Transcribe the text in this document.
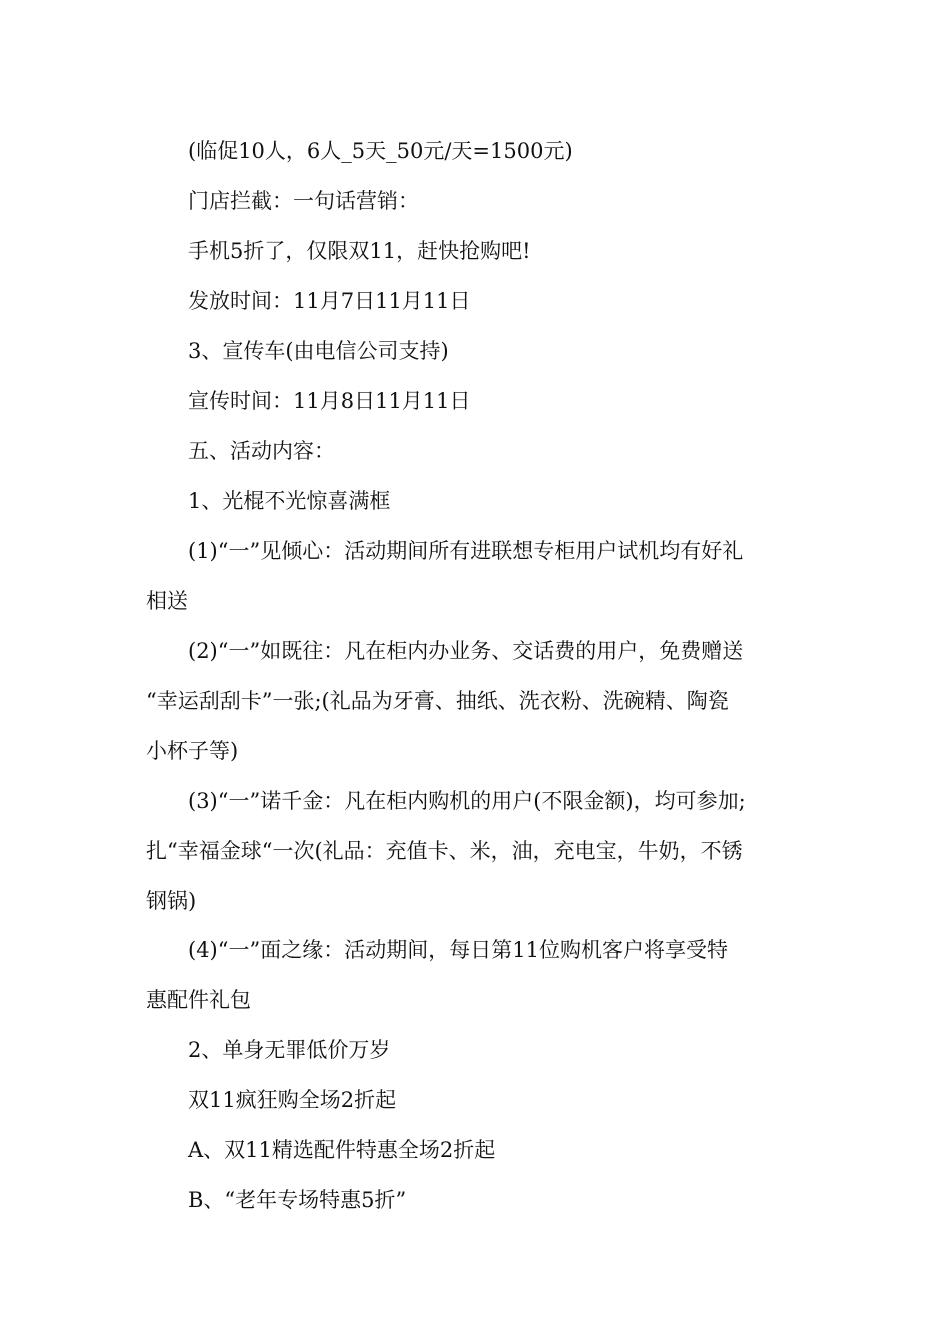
(临促10人，6人_5天_50元/天=1500元)
门店拦截：一句话营销：
手机5折了，仅限双11，赶快抢购吧!
发放时间：11月7日11月11日
3、宣传车(由电信公司支持)
宣传时间：11月8日11月11日
五、活动内容：
1、光棍不光惊喜满框
(1)“一”见倾心：活动期间所有进联想专柜用户试机均有好礼
相送
(2)“一”如既往：凡在柜内办业务、交话费的用户，免费赠送
“幸运刮刮卡”一张;(礼品为牙膏、抽纸、洗衣粉、洗碗精、陶瓷
小杯子等)
(3)“一”诺千金：凡在柜内购机的用户(不限金额)，均可参加;
扎“幸福金球“一次(礼品：充值卡、米，油，充电宝，牛奶，不锈
钢锅)
(4)“一”面之缘：活动期间，每日第11位购机客户将享受特
惠配件礼包
2、单身无罪低价万岁
双11疯狂购全场2折起
A、双11精选配件特惠全场2折起
B、“老年专场特惠5折”
